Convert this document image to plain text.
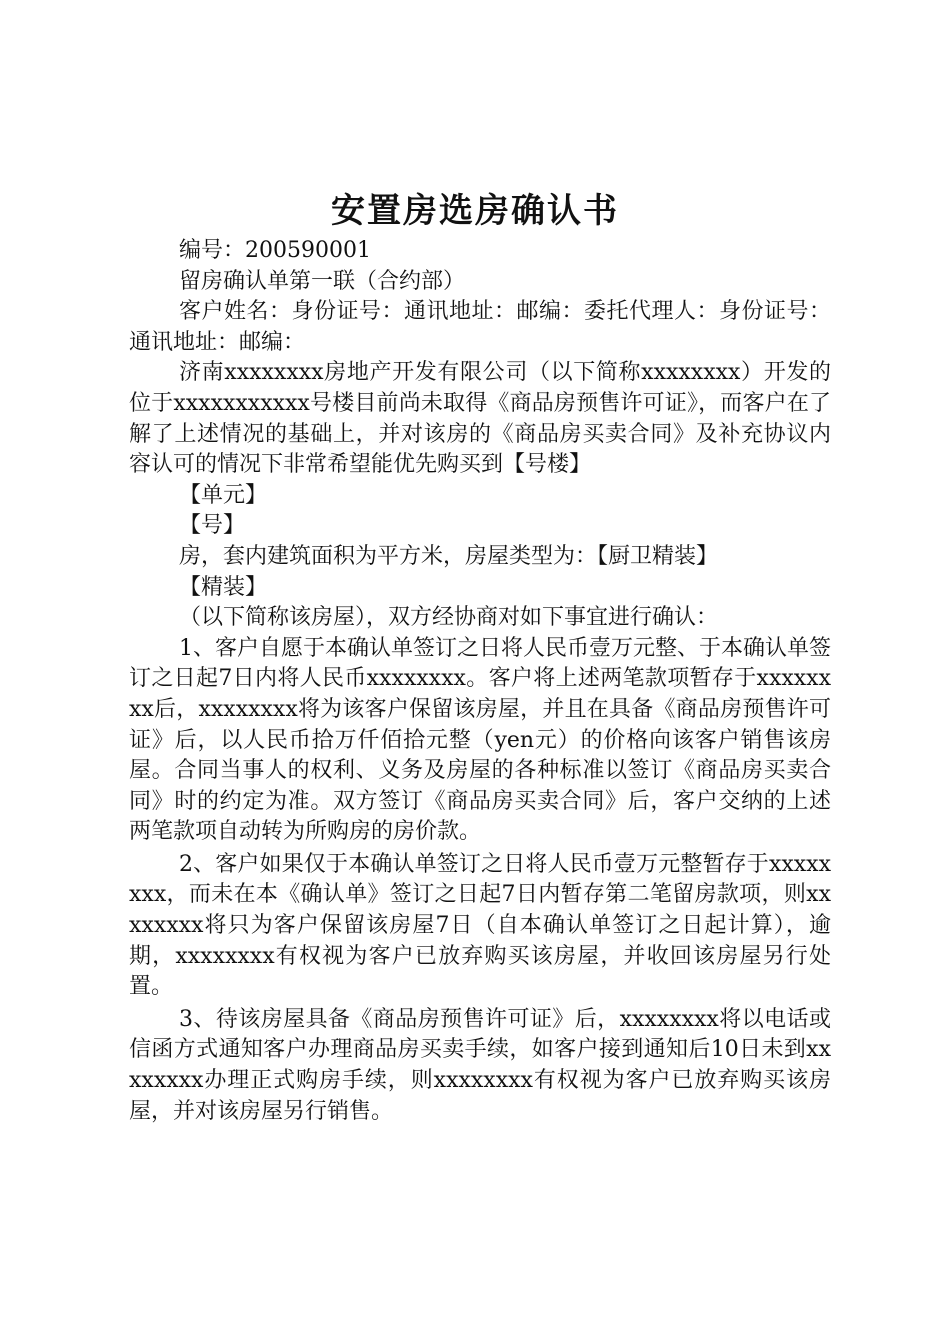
安置房选房确认书

编号：200590001

留房确认单第一联（合约部）

客户姓名：身份证号：通讯地址：邮编：委托代理人：身份证号：通讯地址：邮编：

济南xxxxxxxx房地产开发有限公司（以下简称xxxxxxxx）开发的位于xxxxxxxxxxx号楼目前尚未取得《商品房预售许可证》，而客户在了解了上述情况的基础上，并对该房的《商品房买卖合同》及补充协议内容认可的情况下非常希望能优先购买到【号楼】

【单元】

【号】

房，套内建筑面积为平方米，房屋类型为：【厨卫精装】

【精装】

（以下简称该房屋），双方经协商对如下事宜进行确认：

1、客户自愿于本确认单签订之日将人民币壹万元整、于本确认单签订之日起7日内将人民币xxxxxxxx。客户将上述两笔款项暂存于xxxxxxxx后，xxxxxxxx将为该客户保留该房屋，并且在具备《商品房预售许可证》后，以人民币拾万仟佰拾元整（yen元）的价格向该客户销售该房屋。合同当事人的权利、义务及房屋的各种标准以签订《商品房买卖合同》时的约定为准。双方签订《商品房买卖合同》后，客户交纳的上述两笔款项自动转为所购房的房价款。

2、客户如果仅于本确认单签订之日将人民币壹万元整暂存于xxxxxxxx，而未在本《确认单》签订之日起7日内暂存第二笔留房款项，则xxxxxxxx将只为客户保留该房屋7日（自本确认单签订之日起计算），逾期，xxxxxxxx有权视为客户已放弃购买该房屋，并收回该房屋另行处置。

3、待该房屋具备《商品房预售许可证》后，xxxxxxxx将以电话或信函方式通知客户办理商品房买卖手续，如客户接到通知后10日未到xxxxxxxx办理正式购房手续，则xxxxxxxx有权视为客户已放弃购买该房屋，并对该房屋另行销售。
